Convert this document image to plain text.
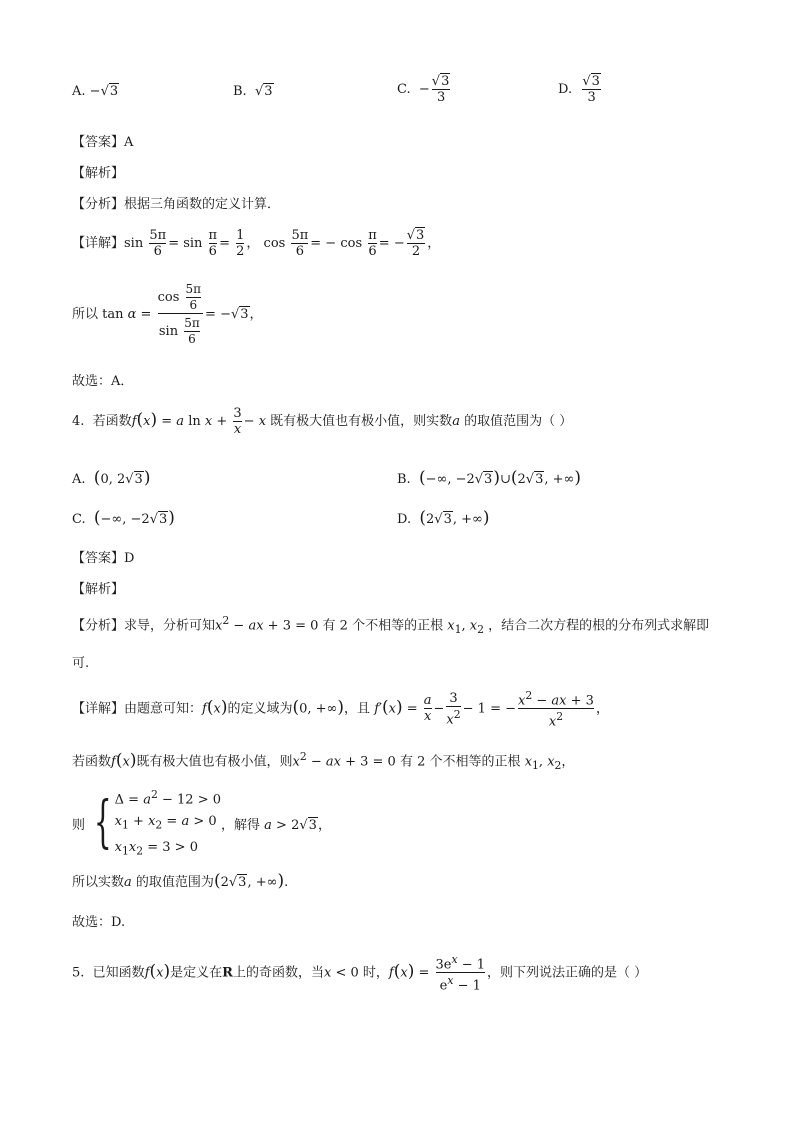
A. −√3	B. √3	C. − $\frac{√3}{3}$	D. $\frac{√3}{3}$
【答案】A
【解析】
【分析】根据三角函数的定义计算．
【详解】$\sin \frac{5\pi}{6} = \sin \frac{\pi}{6} = \frac{1}{2}$ ， $\cos \frac{5\pi}{6}$ = − $\cos \frac{\pi}{6}$ = − $\frac{√3}{2}$ ，
所以 $\tan \alpha = \frac{\cos \frac{5\pi}{6}}{\sin \frac{5\pi}{6}} = -√3$，
故选：A．
4. 若函数f(x) = a $\ln x + \frac{3}{x} - x$ 既有极大值也有极小值，则实数a 的取值范围为（ ）
A. (0, 2√3)	B. (−∞, −2√3)∪(2√3, +∞)
C. (−∞, −2√3)	D. (2√3, +∞)
【答案】D
【解析】
【分析】求导，分析可知$x^2$ − ax + 3 = 0 有 2 个不相等的正根 $x_1$, $x_2$ ，结合二次方程的根的分布列式求解即
可.
【详解】由题意可知：f(x)的定义域为(0, +∞)，且 $f'(x) = \frac{a}{x} - \frac{3}{x^2} - 1$ = − $\frac{x^2 - ax + 3}{x^2}$ ，
若函数f(x)既有极大值也有极小值，则$x^2$ − ax + 3 = 0 有 2 个不相等的正根 $x_1$, $x_2$，
则 { $\Delta = a^2 - 12 > 0$
$x_1 + x_2 = a > 0$
$x_1x_2 = 3 > 0$
，解得 a > 2√3，
所以实数a 的取值范围为(2√3, +∞).
故选：D.
5. 已知函数f(x)是定义在R上的奇函数，当x < 0 时，$f(x) = \frac{3e^x - 1}{e^x - 1}$ ，则下列说法正确的是（ ）
